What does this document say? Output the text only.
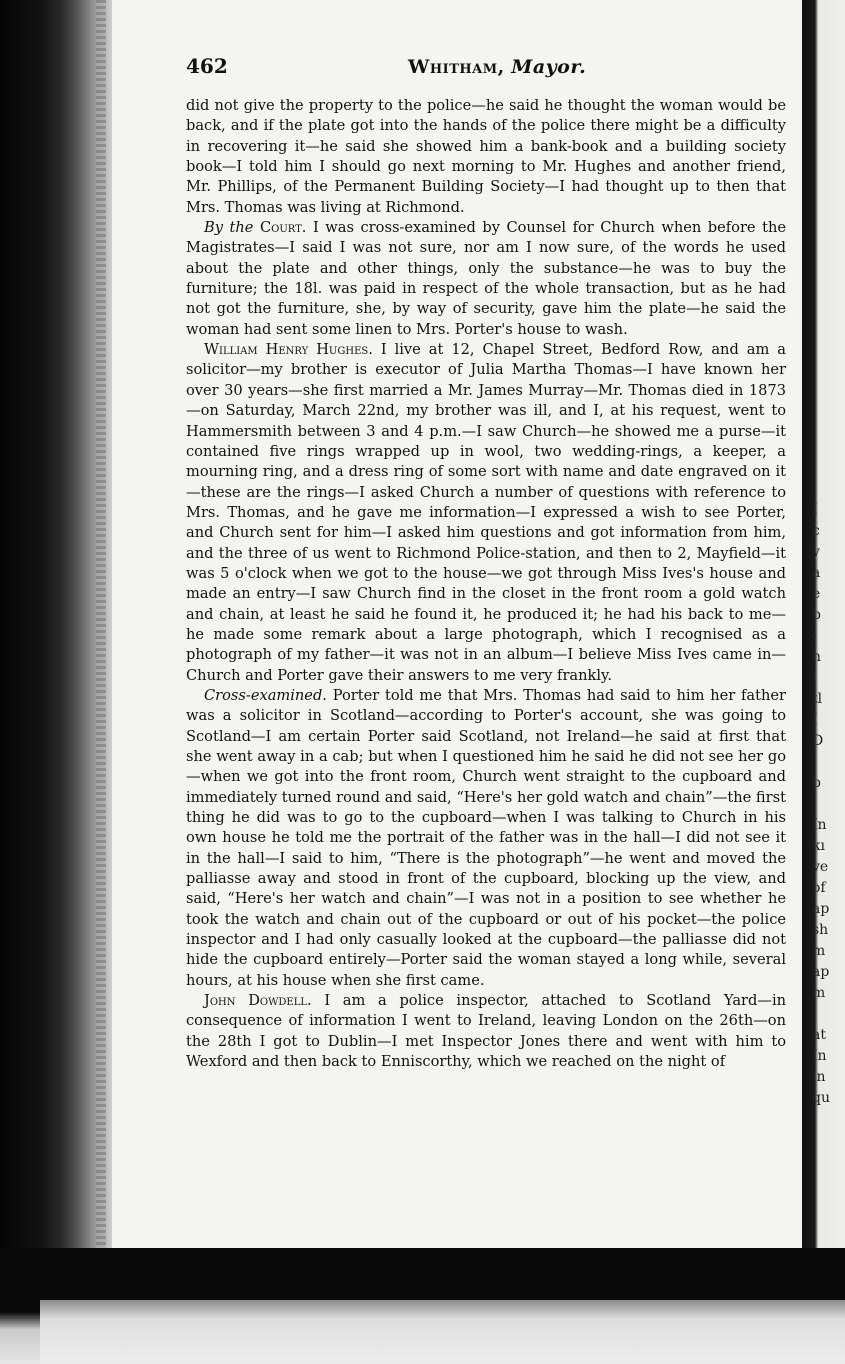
462	Whitham, Mayor.

did not give the property to the police—he said he thought the woman would be back, and if the plate got into the hands of the police there might be a difficulty in recovering it—he said she showed him a bank-book and a building society book—I told him I should go next morning to Mr. Hughes and another friend, Mr. Phillips, of the Permanent Building Society—I had thought up to then that Mrs. Thomas was living at Richmond.

By the Court. I was cross-examined by Counsel for Church when before the Magistrates—I said I was not sure, nor am I now sure, of the words he used about the plate and other things, only the substance—he was to buy the furniture; the 18l. was paid in respect of the whole transaction, but as he had not got the furniture, she, by way of security, gave him the plate—he said the woman had sent some linen to Mrs. Porter's house to wash.

William Henry Hughes. I live at 12, Chapel Street, Bedford Row, and am a solicitor—my brother is executor of Julia Martha Thomas—I have known her over 30 years—she first married a Mr. James Murray—Mr. Thomas died in 1873—on Saturday, March 22nd, my brother was ill, and I, at his request, went to Hammersmith between 3 and 4 p.m.—I saw Church—he showed me a purse—it contained five rings wrapped up in wool, two wedding-rings, a keeper, a mourning ring, and a dress ring of some sort with name and date engraved on it—these are the rings—I asked Church a number of questions with reference to Mrs. Thomas, and he gave me information—I expressed a wish to see Porter, and Church sent for him—I asked him questions and got information from him, and the three of us went to Richmond Police-station, and then to 2, Mayfield—it was 5 o'clock when we got to the house—we got through Miss Ives's house and made an entry—I saw Church find in the closet in the front room a gold watch and chain, at least he said he found it, he produced it; he had his back to me—he made some remark about a large photograph, which I recognised as a photograph of my father—it was not in an album—I believe Miss Ives came in—Church and Porter gave their answers to me very frankly.

Cross-examined. Porter told me that Mrs. Thomas had said to him her father was a solicitor in Scotland—according to Porter's account, she was going to Scotland—I am certain Porter said Scotland, not Ireland—he said at first that she went away in a cab; but when I questioned him he said he did not see her go—when we got into the front room, Church went straight to the cupboard and immediately turned round and said, “Here's her gold watch and chain”—the first thing he did was to go to the cupboard—when I was talking to Church in his own house he told me the portrait of the father was in the hall—I did not see it in the hall—I said to him, “There is the photograph”—he went and moved the palliasse away and stood in front of the cupboard, blocking up the view, and said, “Here's her watch and chain”—I was not in a position to see whether he took the watch and chain out of the cupboard or out of his pocket—the police inspector and I had only casually looked at the cupboard—the palliasse did not hide the cupboard entirely—Porter said the woman stayed a long while, several hours, at his house when she first came.

John Dowdell. I am a police inspector, attached to Scotland Yard—in consequence of information I went to Ireland, leaving London on the 26th—on the 28th I got to Dublin—I met Inspector Jones there and went with him to Wexford and then back to Enniscorthy, which we reached on the night of

I
c
v
a
e
b
-
n
i
tl
I
D
b
In
kı
ve
of
ap
sh
m
ap
m
at
In
in
qu
